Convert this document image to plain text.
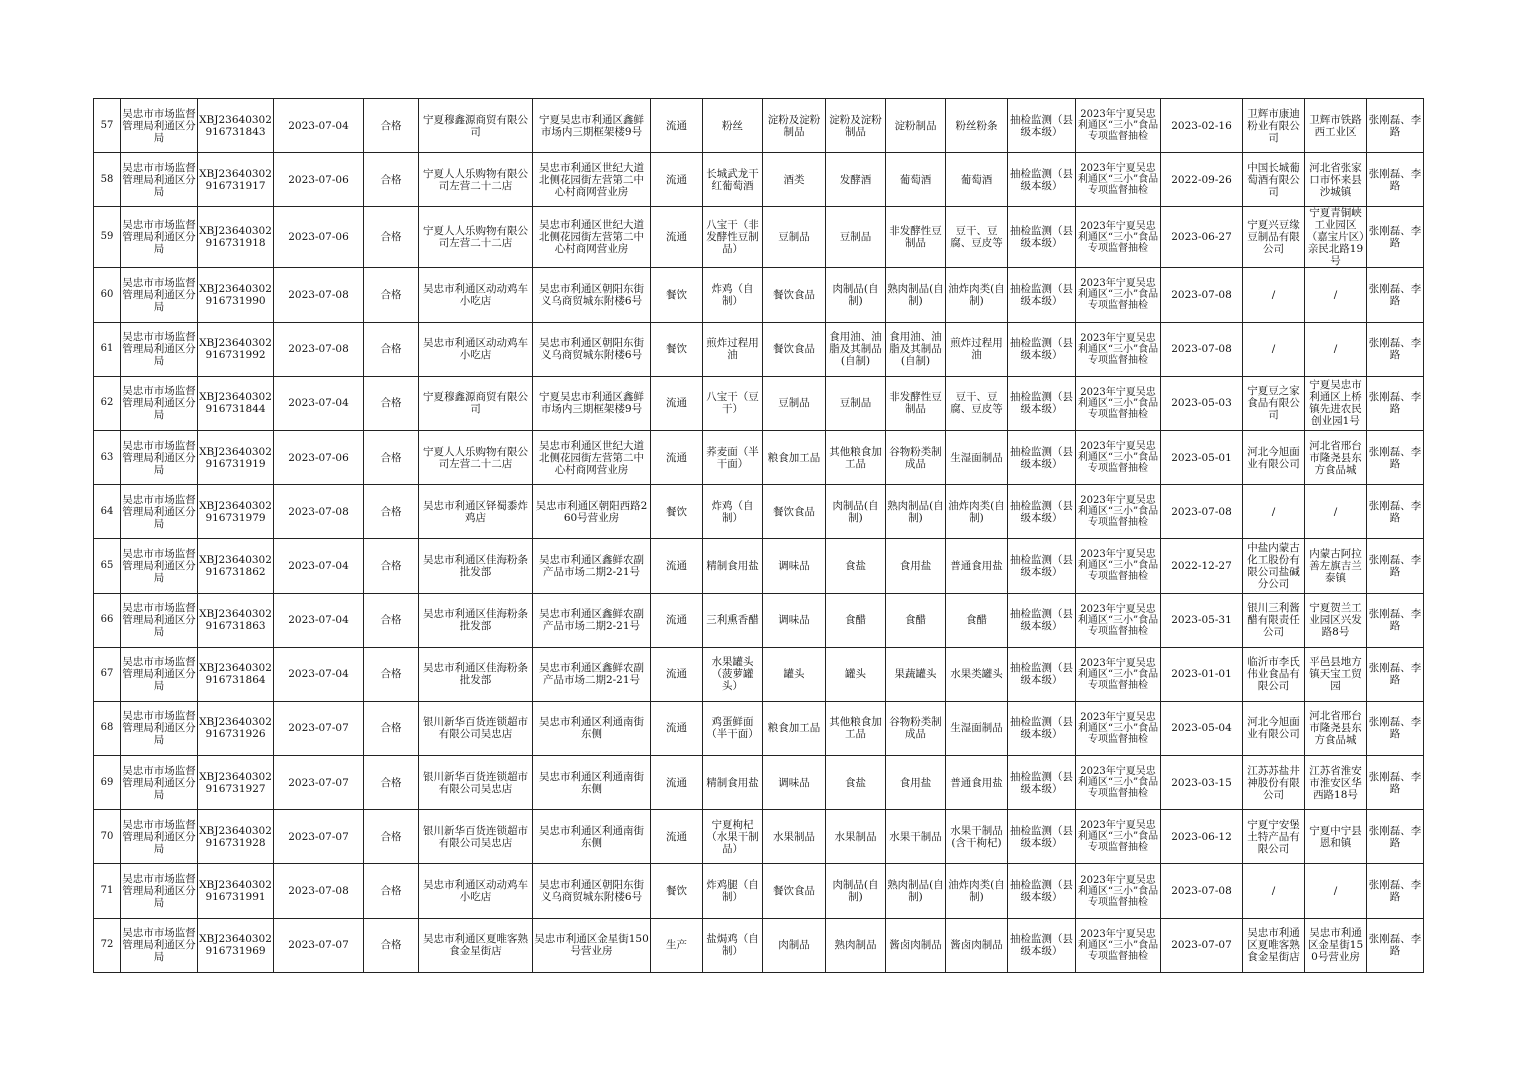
57	吴忠市市场监督管理局利通区分局	XBJ23640302916731843	2023-07-04	合格	宁夏穆鑫源商贸有限公司	宁夏吴忠市利通区鑫鲜市场内三期框架楼9号	流通	粉丝	淀粉及淀粉制品	淀粉及淀粉制品	淀粉制品	粉丝粉条	抽检监测（县级本级）	2023年宁夏吴忠利通区“三小”食品专项监督抽检	2023-02-16	卫辉市康迪粉业有限公司	卫辉市铁路西工业区	张刚磊、李路
58	吴忠市市场监督管理局利通区分局	XBJ23640302916731917	2023-07-06	合格	宁夏人人乐购物有限公司左营二十二店	吴忠市利通区世纪大道北侧花园街左营第二中心村商网营业房	流通	长城武龙干红葡萄酒	酒类	发酵酒	葡萄酒	葡萄酒	抽检监测（县级本级）	2023年宁夏吴忠利通区“三小”食品专项监督抽检	2022-09-26	中国长城葡萄酒有限公司	河北省张家口市怀来县沙城镇	张刚磊、李路
59	吴忠市市场监督管理局利通区分局	XBJ23640302916731918	2023-07-06	合格	宁夏人人乐购物有限公司左营二十二店	吴忠市利通区世纪大道北侧花园街左营第二中心村商网营业房	流通	八宝干（非发酵性豆制品）	豆制品	豆制品	非发酵性豆制品	豆干、豆腐、豆皮等	抽检监测（县级本级）	2023年宁夏吴忠利通区“三小”食品专项监督抽检	2023-06-27	宁夏兴豆缘豆制品有限公司	宁夏青铜峡工业园区（嘉宝片区）亲民北路19号	张刚磊、李路
60	吴忠市市场监督管理局利通区分局	XBJ23640302916731990	2023-07-08	合格	吴忠市利通区动动鸡车小吃店	吴忠市利通区朝阳东街义乌商贸城东附楼6号	餐饮	炸鸡（自制）	餐饮食品	肉制品(自制)	熟肉制品(自制)	油炸肉类(自制)	抽检监测（县级本级）	2023年宁夏吴忠利通区“三小”食品专项监督抽检	2023-07-08	/	/	张刚磊、李路
61	吴忠市市场监督管理局利通区分局	XBJ23640302916731992	2023-07-08	合格	吴忠市利通区动动鸡车小吃店	吴忠市利通区朝阳东街义乌商贸城东附楼6号	餐饮	煎炸过程用油	餐饮食品	食用油、油脂及其制品(自制)	食用油、油脂及其制品(自制)	煎炸过程用油	抽检监测（县级本级）	2023年宁夏吴忠利通区“三小”食品专项监督抽检	2023-07-08	/	/	张刚磊、李路
62	吴忠市市场监督管理局利通区分局	XBJ23640302916731844	2023-07-04	合格	宁夏穆鑫源商贸有限公司	宁夏吴忠市利通区鑫鲜市场内三期框架楼9号	流通	八宝干（豆干）	豆制品	豆制品	非发酵性豆制品	豆干、豆腐、豆皮等	抽检监测（县级本级）	2023年宁夏吴忠利通区“三小”食品专项监督抽检	2023-05-03	宁夏豆之家食品有限公司	宁夏吴忠市利通区上桥镇先进农民创业园1号	张刚磊、李路
63	吴忠市市场监督管理局利通区分局	XBJ23640302916731919	2023-07-06	合格	宁夏人人乐购物有限公司左营二十二店	吴忠市利通区世纪大道北侧花园街左营第二中心村商网营业房	流通	荞麦面（半干面）	粮食加工品	其他粮食加工品	谷物粉类制成品	生湿面制品	抽检监测（县级本级）	2023年宁夏吴忠利通区“三小”食品专项监督抽检	2023-05-01	河北今旭面业有限公司	河北省邢台市隆尧县东方食品城	张刚磊、李路
64	吴忠市市场监督管理局利通区分局	XBJ23640302916731979	2023-07-08	合格	吴忠市利通区铎蜀黍炸鸡店	吴忠市利通区朝阳西路260号营业房	餐饮	炸鸡（自制）	餐饮食品	肉制品(自制)	熟肉制品(自制)	油炸肉类(自制)	抽检监测（县级本级）	2023年宁夏吴忠利通区“三小”食品专项监督抽检	2023-07-08	/	/	张刚磊、李路
65	吴忠市市场监督管理局利通区分局	XBJ23640302916731862	2023-07-04	合格	吴忠市利通区佳海粉条批发部	吴忠市利通区鑫鲜农副产品市场二期2-21号	流通	精制食用盐	调味品	食盐	食用盐	普通食用盐	抽检监测（县级本级）	2023年宁夏吴忠利通区“三小”食品专项监督抽检	2022-12-27	中盐内蒙古化工股份有限公司盐碱分公司	内蒙古阿拉善左旗吉兰泰镇	张刚磊、李路
66	吴忠市市场监督管理局利通区分局	XBJ23640302916731863	2023-07-04	合格	吴忠市利通区佳海粉条批发部	吴忠市利通区鑫鲜农副产品市场二期2-21号	流通	三利熏香醋	调味品	食醋	食醋	食醋	抽检监测（县级本级）	2023年宁夏吴忠利通区“三小”食品专项监督抽检	2023-05-31	银川三利酱醋有限责任公司	宁夏贺兰工业园区兴发路8号	张刚磊、李路
67	吴忠市市场监督管理局利通区分局	XBJ23640302916731864	2023-07-04	合格	吴忠市利通区佳海粉条批发部	吴忠市利通区鑫鲜农副产品市场二期2-21号	流通	水果罐头（菠萝罐头）	罐头	罐头	果蔬罐头	水果类罐头	抽检监测（县级本级）	2023年宁夏吴忠利通区“三小”食品专项监督抽检	2023-01-01	临沂市李氏伟业食品有限公司	平邑县地方镇天宝工贸园	张刚磊、李路
68	吴忠市市场监督管理局利通区分局	XBJ23640302916731926	2023-07-07	合格	银川新华百货连锁超市有限公司吴忠店	吴忠市利通区利通南街东侧	流通	鸡蛋鲜面（半干面）	粮食加工品	其他粮食加工品	谷物粉类制成品	生湿面制品	抽检监测（县级本级）	2023年宁夏吴忠利通区“三小”食品专项监督抽检	2023-05-04	河北今旭面业有限公司	河北省邢台市隆尧县东方食品城	张刚磊、李路
69	吴忠市市场监督管理局利通区分局	XBJ23640302916731927	2023-07-07	合格	银川新华百货连锁超市有限公司吴忠店	吴忠市利通区利通南街东侧	流通	精制食用盐	调味品	食盐	食用盐	普通食用盐	抽检监测（县级本级）	2023年宁夏吴忠利通区“三小”食品专项监督抽检	2023-03-15	江苏苏盐井神股份有限公司	江苏省淮安市淮安区华西路18号	张刚磊、李路
70	吴忠市市场监督管理局利通区分局	XBJ23640302916731928	2023-07-07	合格	银川新华百货连锁超市有限公司吴忠店	吴忠市利通区利通南街东侧	流通	宁夏枸杞（水果干制品）	水果制品	水果制品	水果干制品	水果干制品(含干枸杞)	抽检监测（县级本级）	2023年宁夏吴忠利通区“三小”食品专项监督抽检	2023-06-12	宁夏宁安堡土特产品有限公司	宁夏中宁县恩和镇	张刚磊、李路
71	吴忠市市场监督管理局利通区分局	XBJ23640302916731991	2023-07-08	合格	吴忠市利通区动动鸡车小吃店	吴忠市利通区朝阳东街义乌商贸城东附楼6号	餐饮	炸鸡腿（自制）	餐饮食品	肉制品(自制)	熟肉制品(自制)	油炸肉类(自制)	抽检监测（县级本级）	2023年宁夏吴忠利通区“三小”食品专项监督抽检	2023-07-08	/	/	张刚磊、李路
72	吴忠市市场监督管理局利通区分局	XBJ23640302916731969	2023-07-07	合格	吴忠市利通区夏唯客熟食金星街店	吴忠市利通区金星街150号营业房	生产	盐焗鸡（自制）	肉制品	熟肉制品	酱卤肉制品	酱卤肉制品	抽检监测（县级本级）	2023年宁夏吴忠利通区“三小”食品专项监督抽检	2023-07-07	吴忠市利通区夏唯客熟食金星街店	吴忠市利通区金星街150号营业房	张刚磊、李路
